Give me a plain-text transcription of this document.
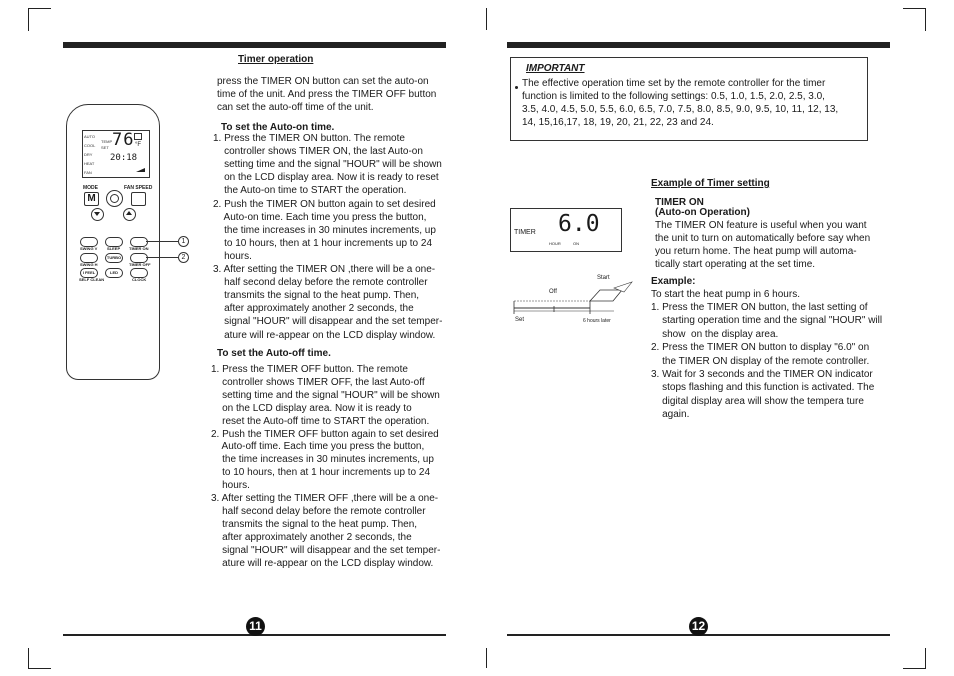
Timer operation
press the TIMER ON button can set the auto-on
time of the unit. And press the TIMER OFF button
can set the auto-off time of the unit.
To set the Auto-on time.
1. Press the TIMER ON button. The remote
controller shows TIMER ON, the last Auto-on
setting time and the signal "HOUR" will be shown
on the LCD display area. Now it is ready to reset
the Auto-on time to START the operation.
2. Push the TIMER ON button again to set desired
Auto-on time. Each time you press the button,
the time increases in 30 minutes increments, up
to 10 hours, then at 1 hour increments up to 24
hours.
3. After setting the TIMER ON ,there will be a one-
half second delay before the remote controller
transmits the signal to the heat pump. Then,
after approximately another 2 seconds, the
signal "HOUR" will disappear and the set temper-
ature will re-appear on the LCD display window.
To set the Auto-off time.
1. Press the TIMER OFF button. The remote
controller shows TIMER OFF, the last Auto-off
setting time and the signal "HOUR" will be shown
on the LCD display area. Now it is ready to
reset the Auto-off time to START the operation.
2. Push the TIMER OFF button again to set desired
Auto-off time. Each time you press the button,
the time increases in 30 minutes increments, up
to 10 hours, then at 1 hour increments up to 24
hours.
3. After setting the TIMER OFF ,there will be a one-
half second delay before the remote controller
transmits the signal to the heat pump. Then,
after approximately another 2 seconds, the
signal "HOUR" will disappear and the set temper-
ature will re-appear on the LCD display window.
AUTO
COOL
DRY
HEAT
FAN
76 °F
TEMP
SET
20:18
MODE	FAN SPEED
M
SWING V SLEEP TIMER ON
TURBO
SWING H	TIMER OFF
I FEEL	LED
SELF CLEAN	CLOCK
1
2
11
IMPORTANT
The effective operation time set by the remote controller for the timer
function is limited to the following settings: 0.5, 1.0, 1.5, 2.0, 2.5, 3.0,
3.5, 4.0, 4.5, 5.0, 5.5, 6.0, 6.5, 7.0, 7.5, 8.0, 8.5, 9.0, 9.5, 10, 11, 12, 13,
14, 15,16,17, 18, 19, 20, 21, 22, 23 and 24.
Example of Timer setting
TIMER ON
(Auto-on Operation)
The TIMER ON feature is useful when you want
the unit to turn on automatically before say when
you return home. The heat pump will automa-
tically start operating at the set time.
Example:
To start the heat pump in 6 hours.
1. Press the TIMER ON button, the last setting of
starting operation time and the signal "HOUR" will
show  on the display area.
2. Press the TIMER ON button to display "6.0" on
the TIMER ON display of the remote controller.
3. Wait for 3 seconds and the TIMER ON indicator
stops flashing and this function is activated. The
digital display area will show the tempera ture
again.
TIMER 6.0
HOUR	ON
Start
Off
Set	6 hours later
12
